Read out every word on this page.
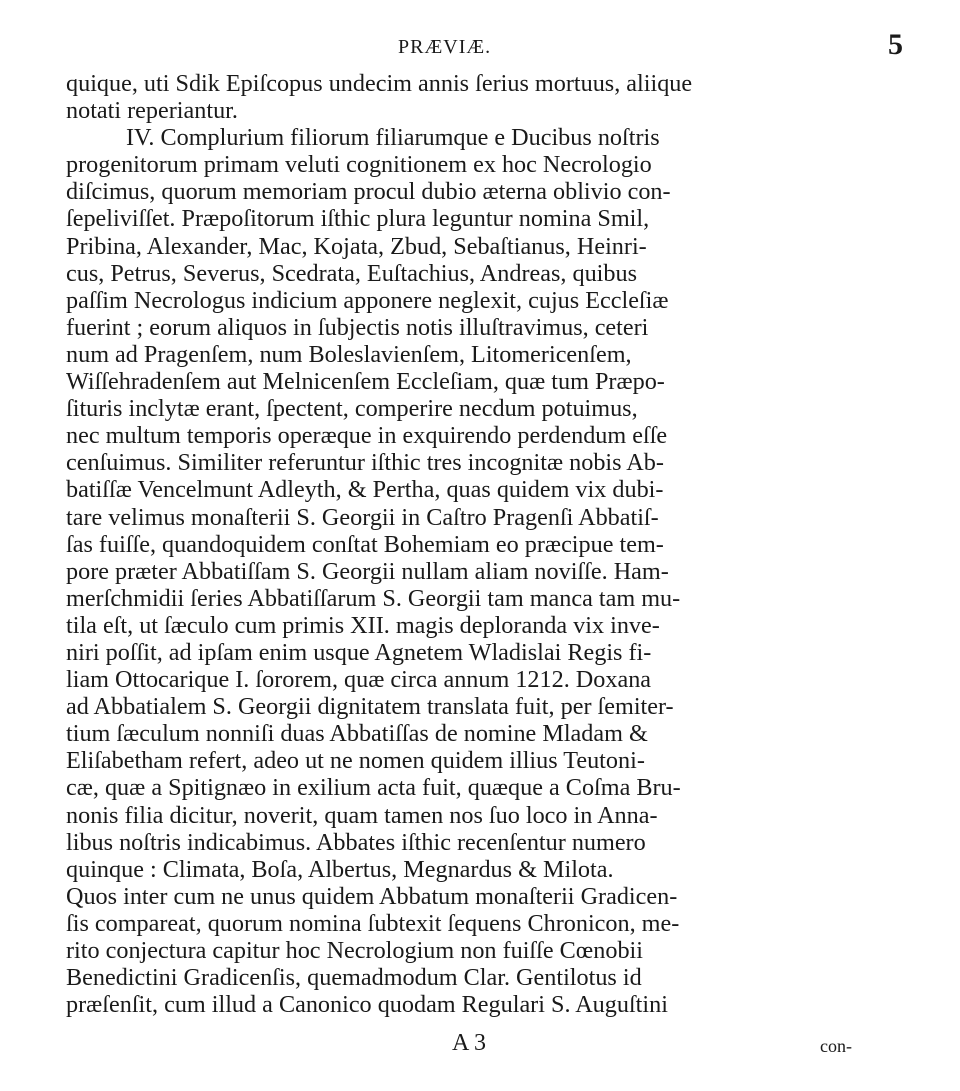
PRÆVIÆ.	5
quique, uti Sdik Epiſcopus undecim annis ſerius mortuus, aliique
notati reperiantur.
IV. Complurium filiorum filiarumque e Ducibus noſtris
progenitorum primam veluti cognitionem ex hoc Necrologio
diſcimus, quorum memoriam procul dubio æterna oblivio con-
ſepeliviſſet. Præpoſitorum iſthic plura leguntur nomina Smil,
Pribina, Alexander, Mac, Kojata, Zbud, Sebaſtianus, Heinri-
cus, Petrus, Severus, Scedrata, Euſtachius, Andreas, quibus
paſſim Necrologus indicium apponere neglexit, cujus Eccleſiæ
fuerint ; eorum aliquos in ſubjectis notis illuſtravimus, ceteri
num ad Pragenſem, num Boleslavienſem, Litomericenſem,
Wiſſehradenſem aut Melnicenſem Eccleſiam, quæ tum Præpo-
ſituris inclytæ erant, ſpectent, comperire necdum potuimus,
nec multum temporis operæque in exquirendo perdendum eſſe
cenſuimus. Similiter referuntur iſthic tres incognitæ nobis Ab-
batiſſæ Vencelmunt Adleyth, & Pertha, quas quidem vix dubi-
tare velimus monaſterii S. Georgii in Caſtro Pragenſi Abbatiſ-
ſas fuiſſe, quandoquidem conſtat Bohemiam eo præcipue tem-
pore præter Abbatiſſam S. Georgii nullam aliam noviſſe. Ham-
merſchmidii ſeries Abbatiſſarum S. Georgii tam manca tam mu-
tila eſt, ut ſæculo cum primis XII. magis deploranda vix inve-
niri poſſit, ad ipſam enim usque Agnetem Wladislai Regis fi-
liam Ottocarique I. ſororem, quæ circa annum 1212. Doxana
ad Abbatialem S. Georgii dignitatem translata fuit, per ſemiter-
tium ſæculum nonniſi duas Abbatiſſas de nomine Mladam &
Eliſabetham refert, adeo ut ne nomen quidem illius Teutoni-
cæ, quæ a Spitignæo in exilium acta fuit, quæque a Coſma Bru-
nonis filia dicitur, noverit, quam tamen nos ſuo loco in Anna-
libus noſtris indicabimus. Abbates iſthic recenſentur numero
quinque : Climata, Boſa, Albertus, Megnardus & Milota.
Quos inter cum ne unus quidem Abbatum monaſterii Gradicen-
ſis compareat, quorum nomina ſubtexit ſequens Chronicon, me-
rito conjectura capitur hoc Necrologium non fuiſſe Cœnobii
Benedictini Gradicenſis, quemadmodum Clar. Gentilotus id
præſenſit, cum illud a Canonico quodam Regulari S. Auguſtini
A 3	con-
